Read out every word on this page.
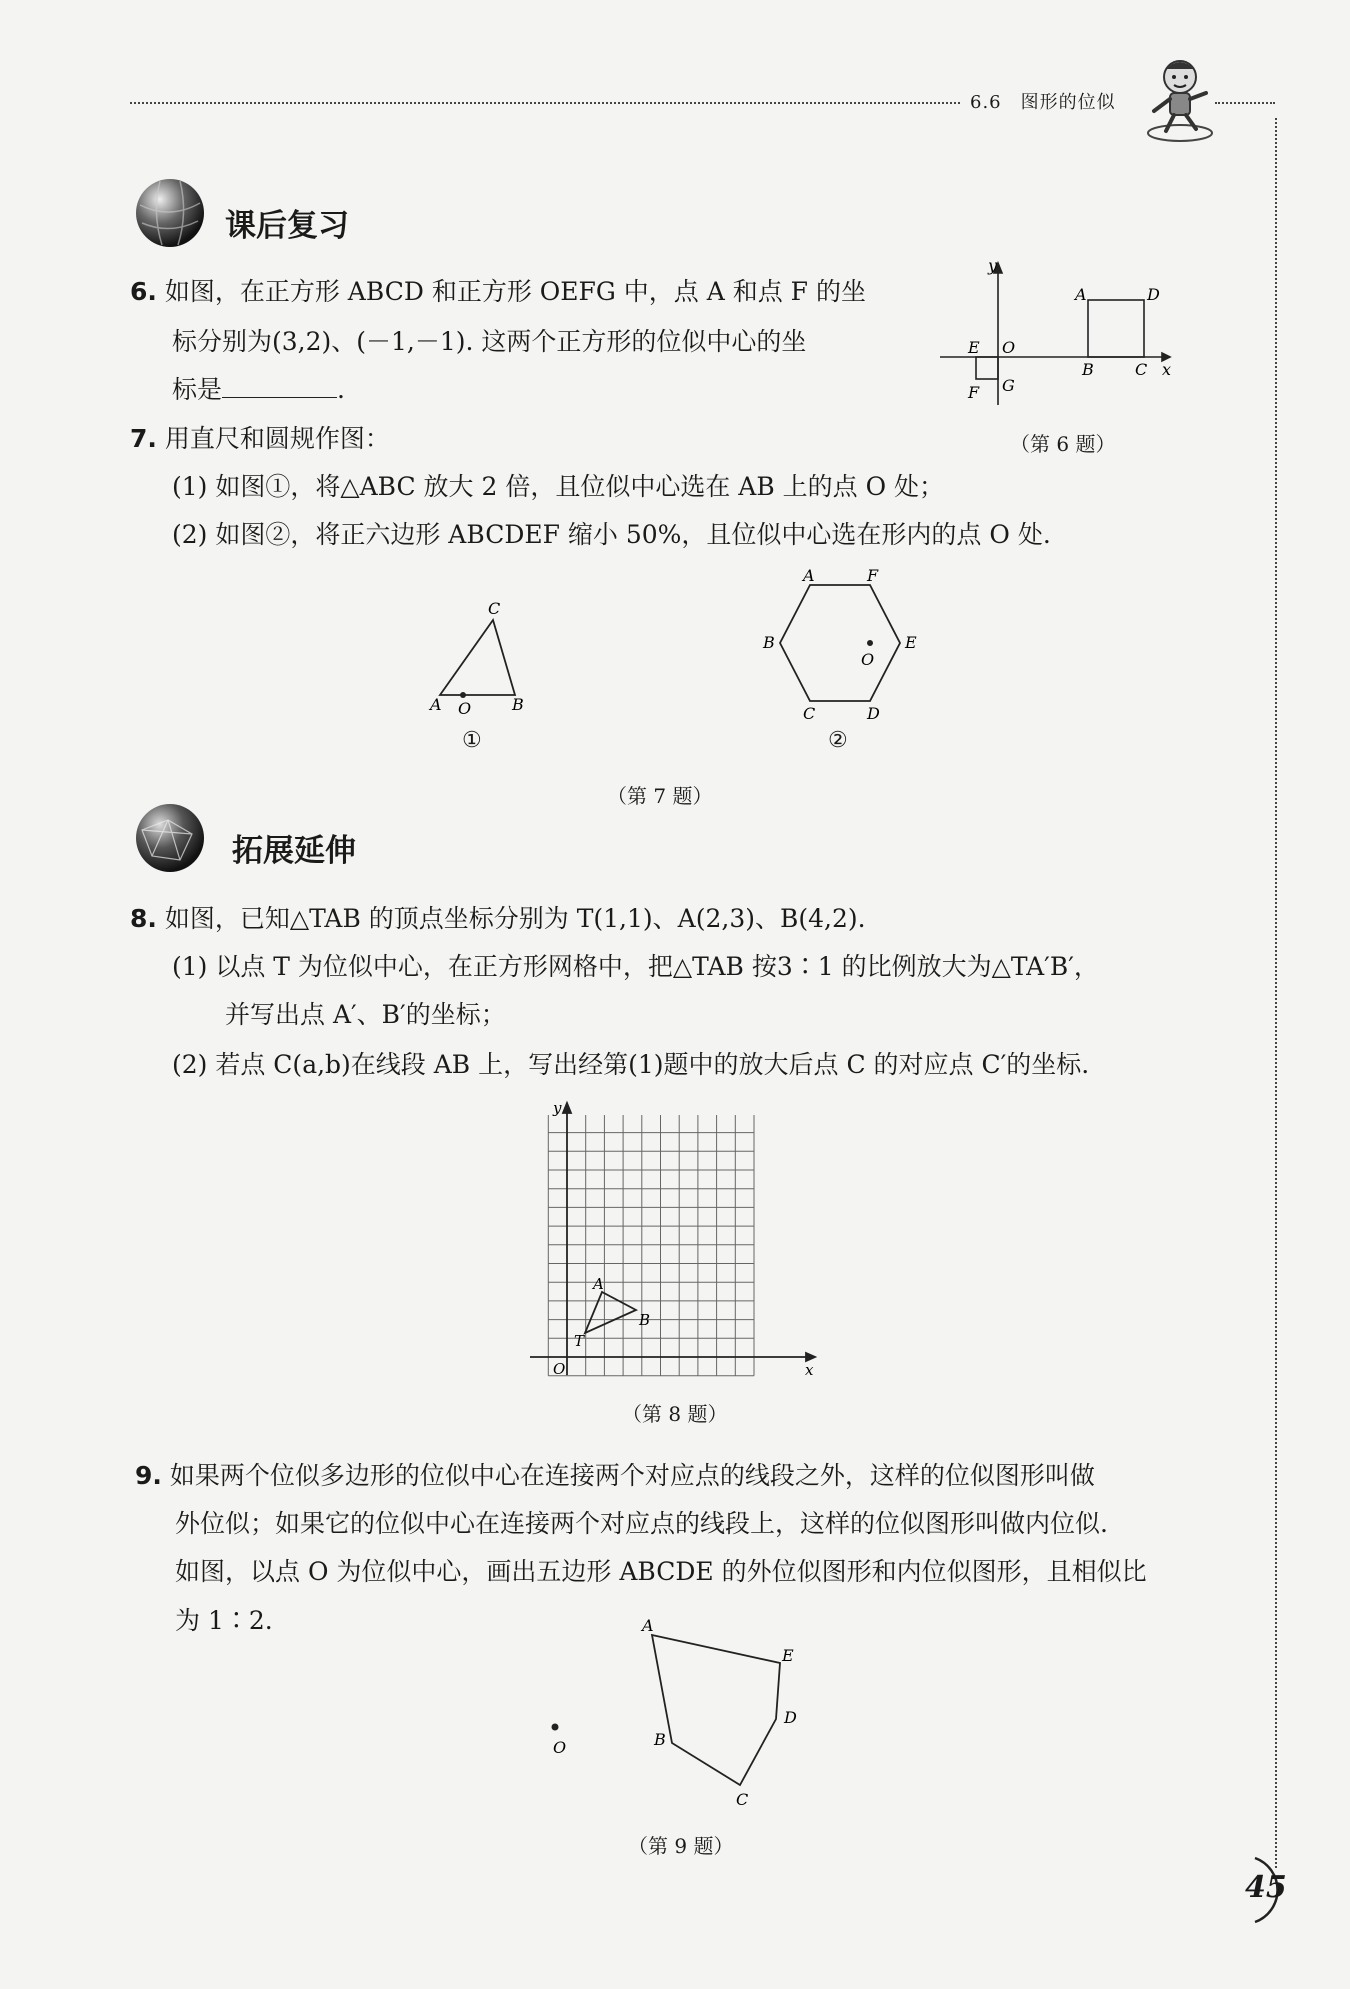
6.6　图形的位似
课后复习
6. 如图，在正方形 ABCD 和正方形 OEFG 中，点 A 和点 F 的坐
标分别为(3,2)、(－1,－1). 这两个正方形的位似中心的坐
标是	.
y
x
A	D
E O
B	C
F G
（第 6 题）
7. 用直尺和圆规作图：
(1) 如图①，将△ABC 放大 2 倍，且位似中心选在 AB 上的点 O 处；
(2) 如图②，将正六边形 ABCDEF 缩小 50%，且位似中心选在形内的点 O 处.
C
A O	B
①
A	F
B	E
O
C	D
②
（第 7 题）
拓展延伸
8. 如图，已知△TAB 的顶点坐标分别为 T(1,1)、A(2,3)、B(4,2).
(1) 以点 T 为位似中心，在正方形网格中，把△TAB 按3∶1 的比例放大为△TA′B′，
并写出点 A′、B′的坐标；
(2) 若点 C(a,b)在线段 AB 上，写出经第(1)题中的放大后点 C 的对应点 C′的坐标.
y
x
O
T
A
B
（第 8 题）
9. 如果两个位似多边形的位似中心在连接两个对应点的线段之外，这样的位似图形叫做
外位似；如果它的位似中心在连接两个对应点的线段上，这样的位似图形叫做内位似.
如图，以点 O 为位似中心，画出五边形 ABCDE 的外位似图形和内位似图形，且相似比
为 1∶2.	A
E
D
C
B
O
（第 9 题）
45
